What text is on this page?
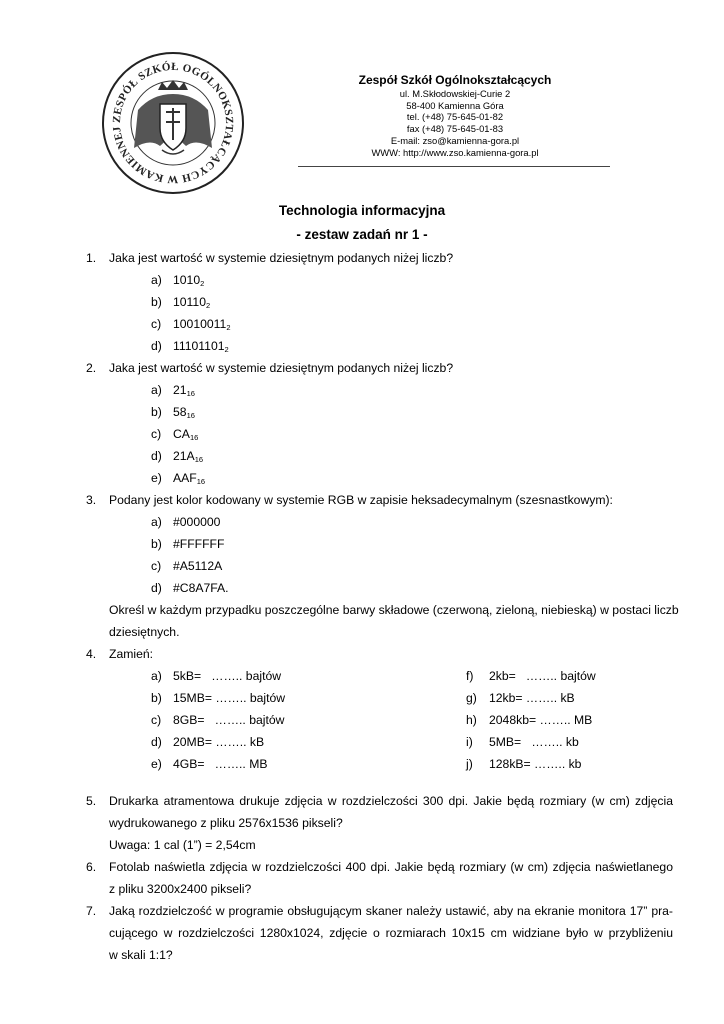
ZESPÓŁ SZKÓŁ OGÓLNOKSZTAŁCĄCYCH W KAMIENNEJ
Zespół Szkół Ogólnokształcących
ul. M.Skłodowskiej-Curie 2
58-400 Kamienna Góra
tel. (+48) 75-645-01-82
fax (+48) 75-645-01-83
E-mail: zso@kamienna-gora.pl
WWW: http://www.zso.kamienna-gora.pl
Technologia informacyjna
- zestaw zadań nr 1 -
1. Jaka jest wartość w systemie dziesiętnym podanych niżej liczb?
a) $1010_2$
b) $10110_2$
c) $10010011_2$
d) $11101101_2$
2. Jaka jest wartość w systemie dziesiętnym podanych niżej liczb?
a) $21_{16}$
b) $58_{16}$
c) $CA_{16}$
d) $21A_{16}$
e) $AAF_{16}$
3. Podany jest kolor kodowany w systemie RGB w zapisie heksadecymalnym (szesnastkowym):
a) #000000
b) #FFFFFF
c) #A5112A
d) #C8A7FA.
Określ w każdym przypadku poszczególne barwy składowe (czerwoną, zieloną, niebieską) w postaci liczb
dziesiętnych.
4. Zamień:
a) 5kB=   …….. bajtów	f) 2kb=   …….. bajtów
b) 15MB= …….. bajtów	g) 12kb= …….. kB
c) 8GB=   …….. bajtów	h) 2048kb= …….. MB
d) 20MB= …….. kB	i) 5MB=   …….. kb
e) 4GB=   …….. MB	j) 128kB= …….. kb
5. Drukarka atramentowa drukuje zdjęcia w rozdzielczości 300 dpi. Jakie będą rozmiary (w cm) zdjęcia
wydrukowanego z pliku 2576x1536 pikseli?
Uwaga: 1 cal (1”) = 2,54cm
6. Fotolab naświetla zdjęcia w rozdzielczości 400 dpi. Jakie będą rozmiary (w cm) zdjęcia naświetlanego
z pliku 3200x2400 pikseli?
7. Jaką rozdzielczość w programie obsługującym skaner należy ustawić, aby na ekranie monitora 17” pra-
cującego w rozdzielczości 1280x1024, zdjęcie o rozmiarach 10x15 cm widziane było w przybliżeniu
w skali 1:1?
